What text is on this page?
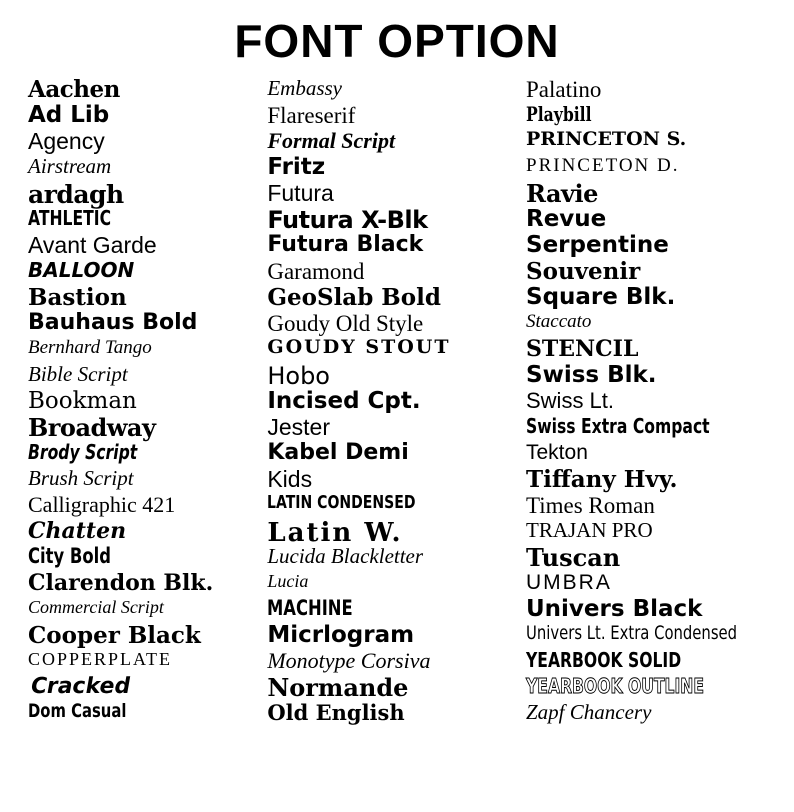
FONT OPTION
Aachen
Ad Lib
Agency
Airstream
ardagh
ATHLETIC
Avant Garde
BALLOON
Bastion
Bauhaus Bold
Bernhard Tango
Bible Script
Bookman
Broadway
Brody Script
Brush Script
Calligraphic 421
Chatten
City Bold
Clarendon Blk.
Commercial Script
Cooper Black
COPPERPLATE
Cracked
Dom Casual
Embassy
Flareserif
Formal Script
Fritz
Futura
Futura X-Blk
Futura Black
Garamond
GeoSlab Bold
Goudy Old Style
GOUDY STOUT
Hobo
Incised Cpt.
Jester
Kabel Demi
Kids
LATIN CONDENSED
Latin W.
Lucida Blackletter
Lucia
MACHINE
Micrlogram
Monotype Corsiva
Normande
Old English
Palatino
Playbill
PRINCETON S.
PRINCETON D.
Ravie
Revue
Serpentine
Souvenir
Square Blk.
Staccato
STENCIL
Swiss Blk.
Swiss Lt.
Swiss Extra Compact
Tekton
Tiffany Hvy.
Times Roman
TRAJAN PRO
Tuscan
UMBRA
Univers Black
Univers Lt. Extra Condensed
YEARBOOK SOLID
YEARBOOK OUTLINE
Zapf Chancery
